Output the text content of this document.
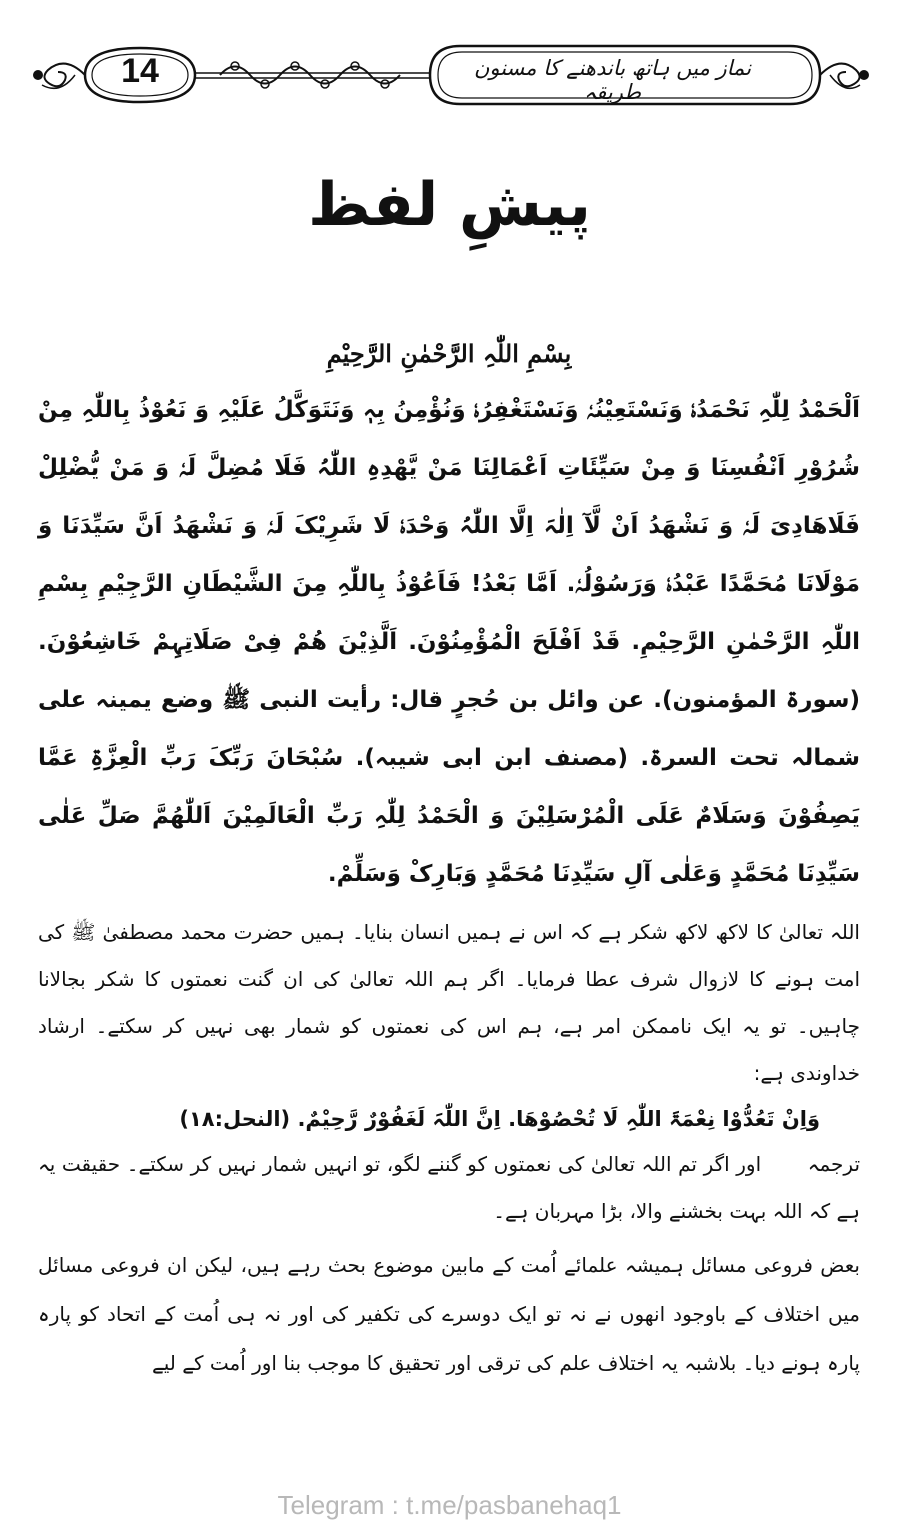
14	نماز میں ہاتھ باندھنے کا مسنون طریقہ
پیشِ لفظ

بِسْمِ اللّٰہِ الرَّحْمٰنِ الرَّحِیْمِ

اَلْحَمْدُ لِلّٰہِ نَحْمَدُہٗ وَنَسْتَعِیْنُہٗ وَنَسْتَغْفِرُہٗ وَنُؤْمِنُ بِہٖ وَنَتَوَکَّلُ عَلَیْہِ وَ نَعُوْذُ بِاللّٰہِ مِنْ شُرُوْرِ اَنْفُسِنَا وَ مِنْ سَیِّئَاتِ اَعْمَالِنَا مَنْ یَّھْدِہِ اللّٰہُ فَلَا مُضِلَّ لَہٗ وَ مَنْ یُّضْلِلْ فَلَاھَادِیَ لَہٗ وَ نَشْھَدُ اَنْ لَّآ اِلٰہَ اِلَّا اللّٰہُ وَحْدَہٗ لَا شَرِیْکَ لَہٗ وَ نَشْھَدُ اَنَّ سَیِّدَنَا وَ مَوْلَانَا مُحَمَّدًا عَبْدُہٗ وَرَسُوْلُہٗ. اَمَّا بَعْدُ! فَاَعُوْذُ بِاللّٰہِ مِنَ الشَّیْطَانِ الرَّجِیْمِ بِسْمِ اللّٰہِ الرَّحْمٰنِ الرَّحِیْمِ. قَدْ اَفْلَحَ الْمُؤْمِنُوْنَ. اَلَّذِیْنَ ھُمْ فِیْ صَلَاتِہِمْ خَاشِعُوْنَ. (سورۃ المؤمنون). عن وائل بن حُجرٍ قال: رأیت النبی ﷺ وضع یمینہ علی شمالہ تحت السرۃ. (مصنف ابن ابی شیبہ). سُبْحَانَ رَبِّکَ رَبِّ الْعِزَّۃِ عَمَّا یَصِفُوْنَ وَسَلَامٌ عَلَی الْمُرْسَلِیْنَ وَ الْحَمْدُ لِلّٰہِ رَبِّ الْعَالَمِیْنَ اَللّٰھُمَّ صَلِّ عَلٰی سَیِّدِنَا مُحَمَّدٍ وَعَلٰی آلِ سَیِّدِنَا مُحَمَّدٍ وَبَارِکْ وَسَلِّمْ.

اللہ تعالیٰ کا لاکھ لاکھ شکر ہے کہ اس نے ہمیں انسان بنایا۔ ہمیں حضرت محمد مصطفیٰ ﷺ کی امت ہونے کا لازوال شرف عطا فرمایا۔ اگر ہم اللہ تعالیٰ کی ان گنت نعمتوں کا شکر بجالانا چاہیں۔ تو یہ ایک ناممکن امر ہے، ہم اس کی نعمتوں کو شمار بھی نہیں کر سکتے۔ ارشاد خداوندی ہے:

وَاِنْ تَعُدُّوْا نِعْمَۃَ اللّٰہِ لَا تُحْصُوْھَا. اِنَّ اللّٰہَ لَغَفُوْرٌ رَّحِیْمٌ. (النحل:۱۸)

ترجمہ اور اگر تم اللہ تعالیٰ کی نعمتوں کو گننے لگو، تو انہیں شمار نہیں کر سکتے۔ حقیقت یہ ہے کہ اللہ بہت بخشنے والا، بڑا مہربان ہے۔

بعض فروعی مسائل ہمیشہ علمائے اُمت کے مابین موضوع بحث رہے ہیں، لیکن ان فروعی مسائل میں اختلاف کے باوجود انھوں نے نہ تو ایک دوسرے کی تکفیر کی اور نہ ہی اُمت کے اتحاد کو پارہ پارہ ہونے دیا۔ بلاشبہ یہ اختلاف علم کی ترقی اور تحقیق کا موجب بنا اور اُمت کے لیے

Telegram : t.me/pasbanehaq1
